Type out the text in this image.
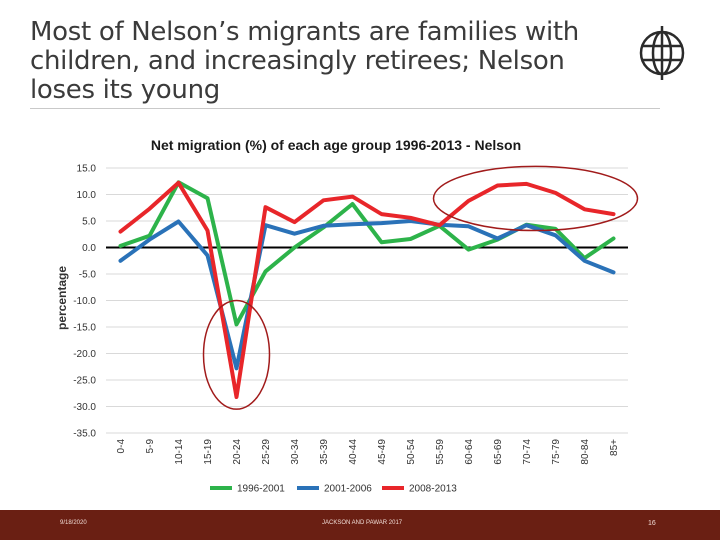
Most of Nelson’s migrants are families with children, and increasingly retirees; Nelson loses its young
Net migration (%) of each age group 1996-2013 - Nelson
percentage
15.0
10.0
5.0
0.0
-5.0
-10.0
-15.0
-20.0
-25.0
-30.0
-35.0
0-4 5-9 10-14 15-19 20-24 25-29 30-34 35-39 40-44 45-49 50-54 55-59 60-64 65-69 70-74 75-79 80-84 85+
1996-2001	2001-2006	2008-2013
9/18/2020	JACKSON AND PAWAR 2017	16
